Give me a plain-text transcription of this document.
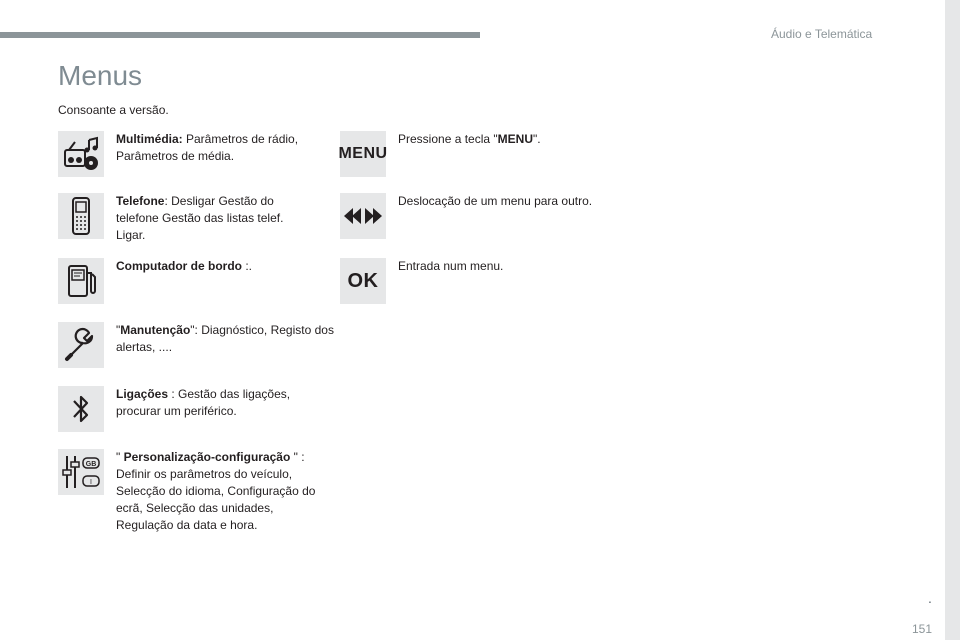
Áudio e Telemática
Menus
Consoante a versão.
Multimédia: Parâmetros de rádio, Parâmetros de média.
Telefone: Desligar Gestão do telefone Gestão das listas telef. Ligar.
Computador de bordo :.
"Manutenção": Diagnóstico, Registo dos alertas, ....
Ligações : Gestão das ligações, procurar um periférico.
GB
I
" Personalização-configuração " : Definir os parâmetros do veículo, Selecção do idioma, Configuração do ecrã, Selecção das unidades, Regulação da data e hora.
MENU
Pressione a tecla "MENU".
Deslocação de um menu para outro.
OK
Entrada num menu.
.
151
